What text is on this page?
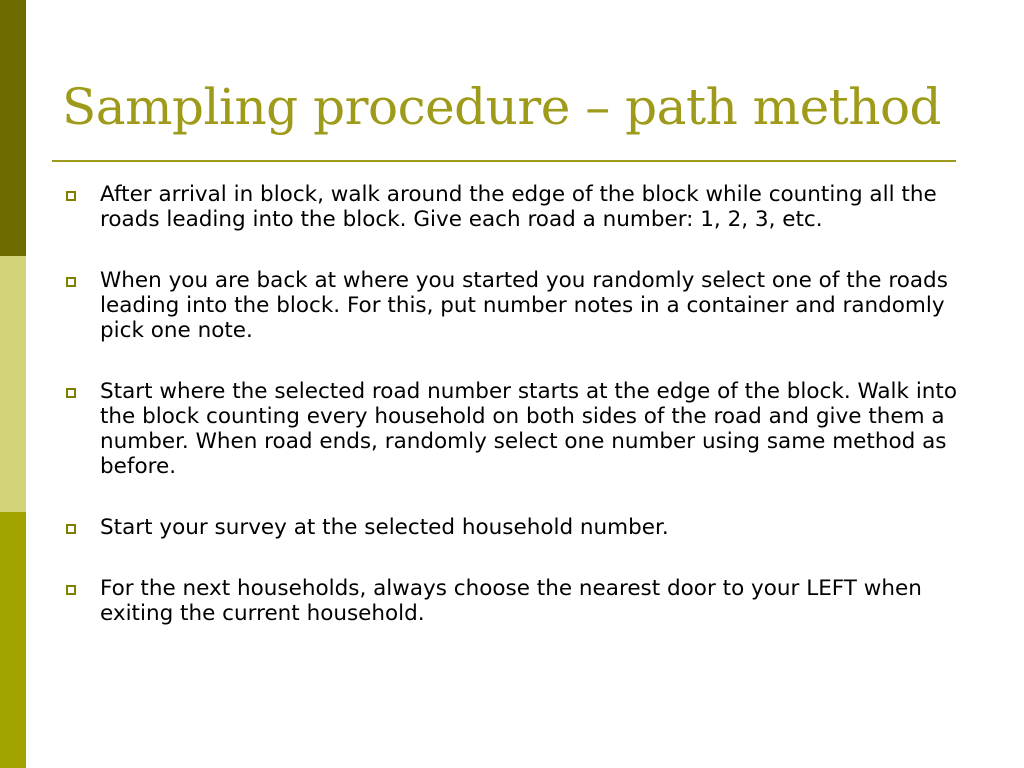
Sampling procedure – path method
After arrival in block, walk around the edge of the block while counting all the roads leading into the block. Give each road a number: 1, 2, 3, etc.
When you are back at where you started you randomly select one of the roads leading into the block. For this, put number notes in a container and randomly pick one note.
Start where the selected road number starts at the edge of the block. Walk into the block counting every household on both sides of the road and give them a number. When road ends, randomly select one number using same method as before.
Start your survey at the selected household number.
For the next households, always choose the nearest door to your LEFT when exiting the current household.
